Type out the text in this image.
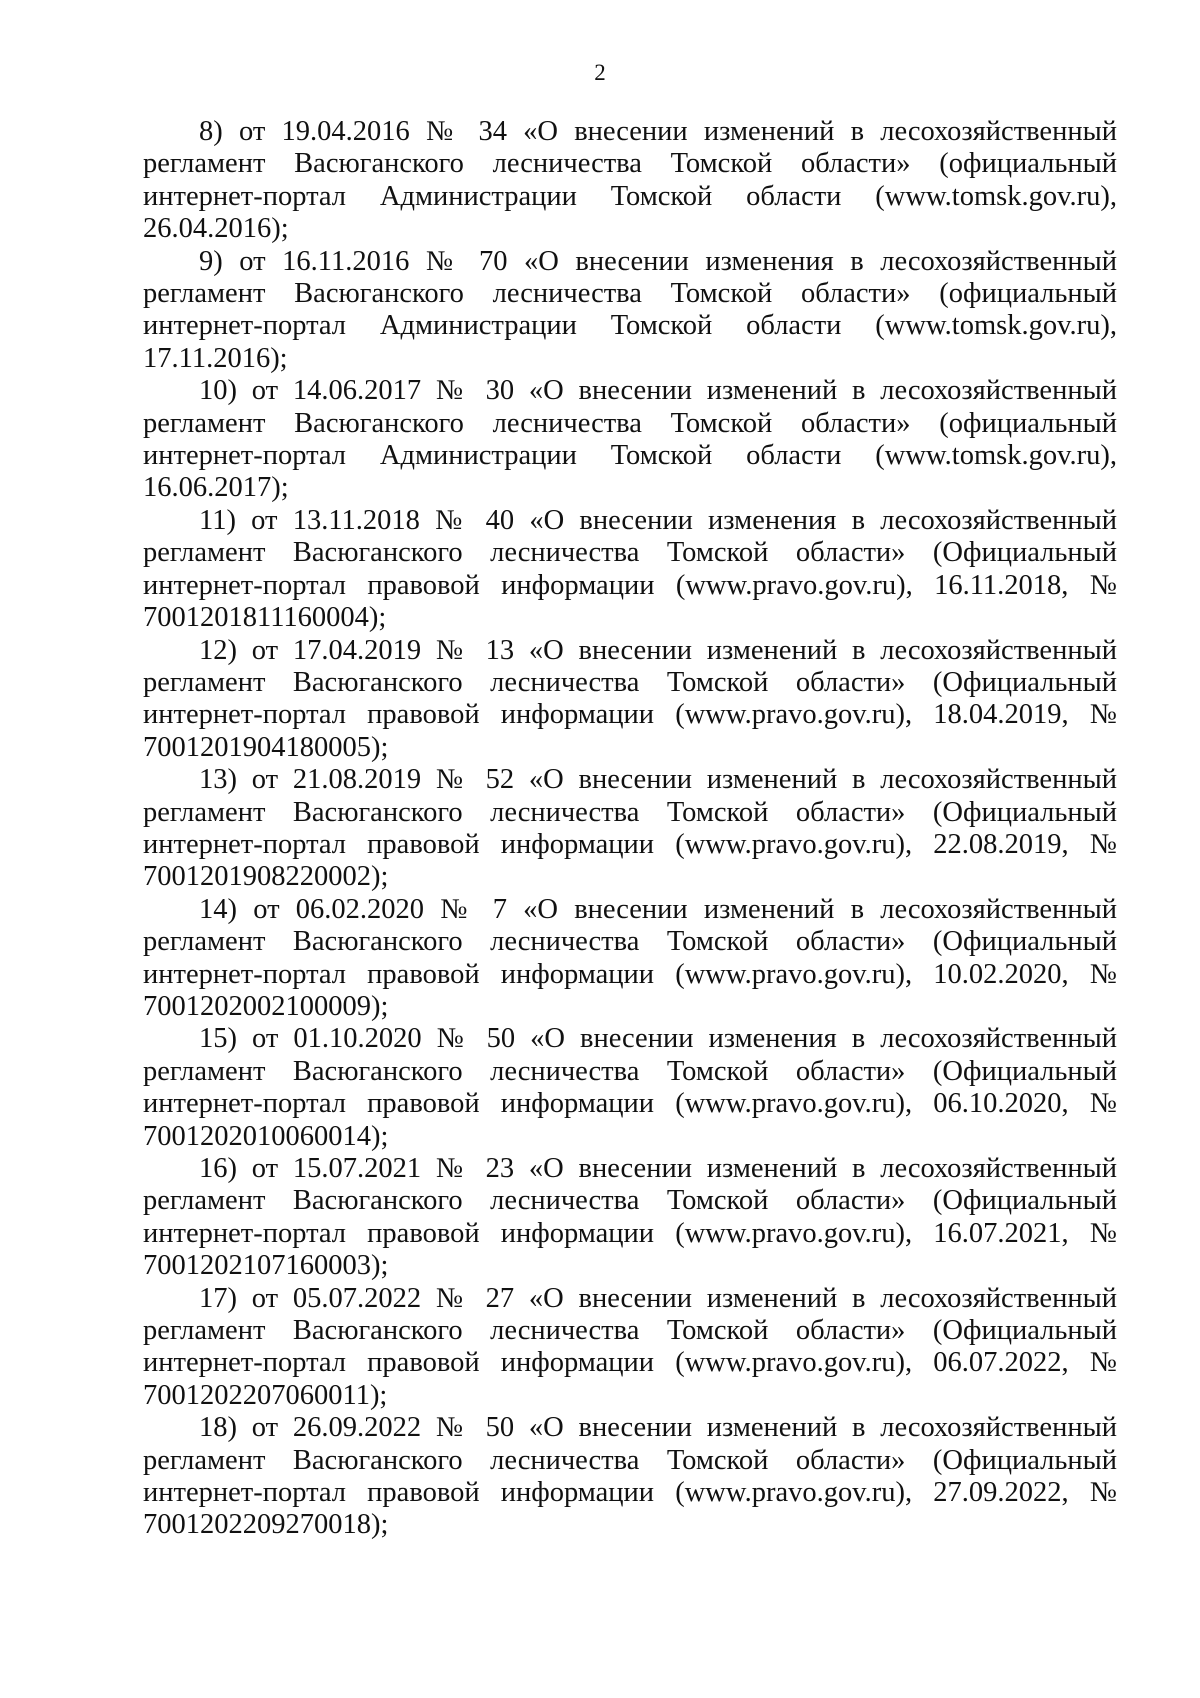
2

8) от 19.04.2016 № 34 «О внесении изменений в лесохозяйственный регламент Васюганского лесничества Томской области» (официальный интернет-портал Администрации Томской области (www.tomsk.gov.ru), 26.04.2016);

9) от 16.11.2016 № 70 «О внесении изменения в лесохозяйственный регламент Васюганского лесничества Томской области» (официальный интернет-портал Администрации Томской области (www.tomsk.gov.ru), 17.11.2016);

10) от 14.06.2017 № 30 «О внесении изменений в лесохозяйственный регламент Васюганского лесничества Томской области» (официальный интернет-портал Администрации Томской области (www.tomsk.gov.ru), 16.06.2017);

11) от 13.11.2018 № 40 «О внесении изменения в лесохозяйственный регламент Васюганского лесничества Томской области» (Официальный интернет-портал правовой информации (www.pravo.gov.ru), 16.11.2018, № 7001201811160004);

12) от 17.04.2019 № 13 «О внесении изменений в лесохозяйственный регламент Васюганского лесничества Томской области» (Официальный интернет-портал правовой информации (www.pravo.gov.ru), 18.04.2019, № 7001201904180005);

13) от 21.08.2019 № 52 «О внесении изменений в лесохозяйственный регламент Васюганского лесничества Томской области» (Официальный интернет-портал правовой информации (www.pravo.gov.ru), 22.08.2019, № 7001201908220002);

14) от 06.02.2020 № 7 «О внесении изменений в лесохозяйственный регламент Васюганского лесничества Томской области» (Официальный интернет-портал правовой информации (www.pravo.gov.ru), 10.02.2020, № 7001202002100009);

15) от 01.10.2020 № 50 «О внесении изменения в лесохозяйственный регламент Васюганского лесничества Томской области» (Официальный интернет-портал правовой информации (www.pravo.gov.ru), 06.10.2020, № 7001202010060014);

16) от 15.07.2021 № 23 «О внесении изменений в лесохозяйственный регламент Васюганского лесничества Томской области» (Официальный интернет-портал правовой информации (www.pravo.gov.ru), 16.07.2021, № 7001202107160003);

17) от 05.07.2022 № 27 «О внесении изменений в лесохозяйственный регламент Васюганского лесничества Томской области» (Официальный интернет-портал правовой информации (www.pravo.gov.ru), 06.07.2022, № 7001202207060011);

18) от 26.09.2022 № 50 «О внесении изменений в лесохозяйственный регламент Васюганского лесничества Томской области» (Официальный интернет-портал правовой информации (www.pravo.gov.ru), 27.09.2022, № 7001202209270018);
